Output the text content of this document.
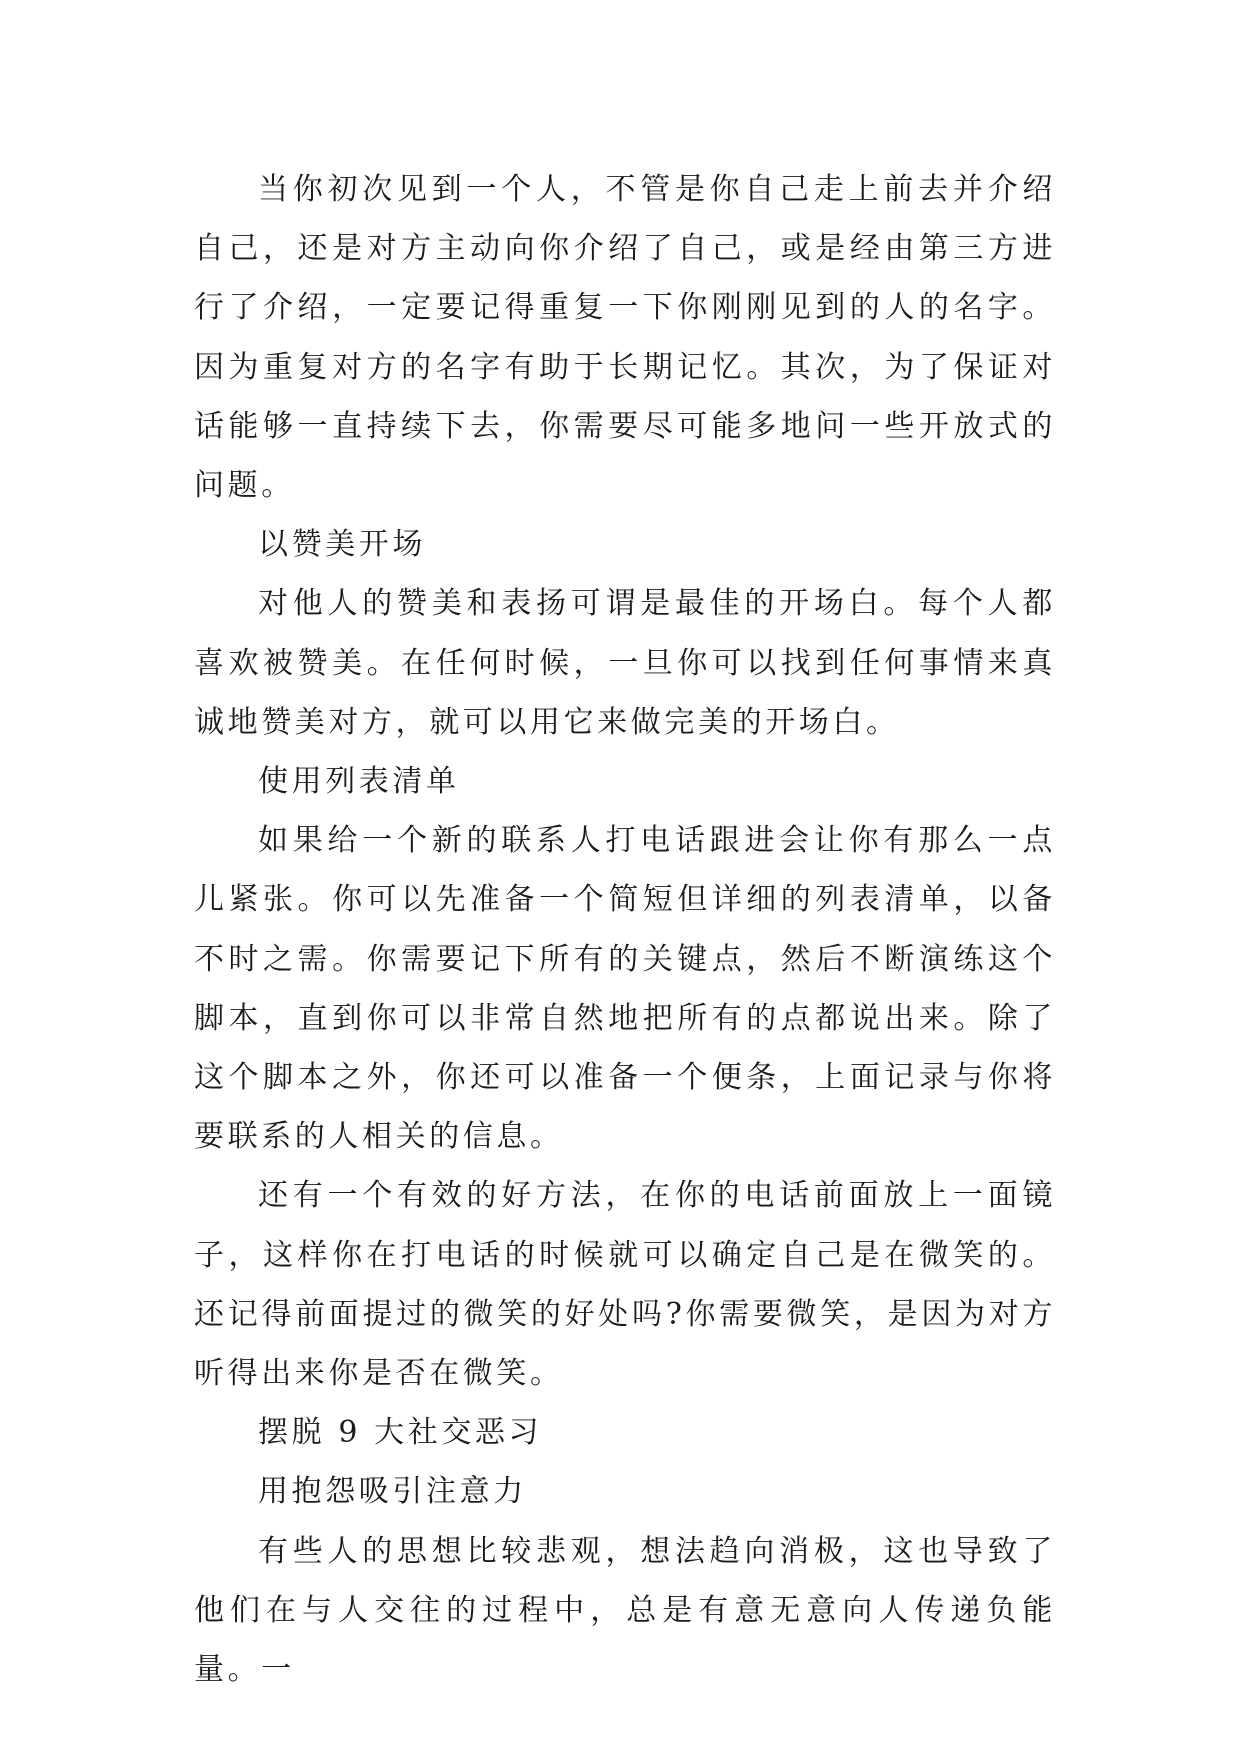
当你初次见到一个人，不管是你自己走上前去并介绍自己，还是对方主动向你介绍了自己，或是经由第三方进行了介绍，一定要记得重复一下你刚刚见到的人的名字。因为重复对方的名字有助于长期记忆。其次，为了保证对话能够一直持续下去，你需要尽可能多地问一些开放式的问题。

以赞美开场

对他人的赞美和表扬可谓是最佳的开场白。每个人都喜欢被赞美。在任何时候，一旦你可以找到任何事情来真诚地赞美对方，就可以用它来做完美的开场白。

使用列表清单

如果给一个新的联系人打电话跟进会让你有那么一点儿紧张。你可以先准备一个简短但详细的列表清单，以备不时之需。你需要记下所有的关键点，然后不断演练这个脚本，直到你可以非常自然地把所有的点都说出来。除了这个脚本之外，你还可以准备一个便条，上面记录与你将要联系的人相关的信息。

还有一个有效的好方法，在你的电话前面放上一面镜子，这样你在打电话的时候就可以确定自己是在微笑的。还记得前面提过的微笑的好处吗?你需要微笑，是因为对方听得出来你是否在微笑。

摆脱 9 大社交恶习

用抱怨吸引注意力

有些人的思想比较悲观，想法趋向消极，这也导致了他们在与人交往的过程中，总是有意无意向人传递负能量。一
